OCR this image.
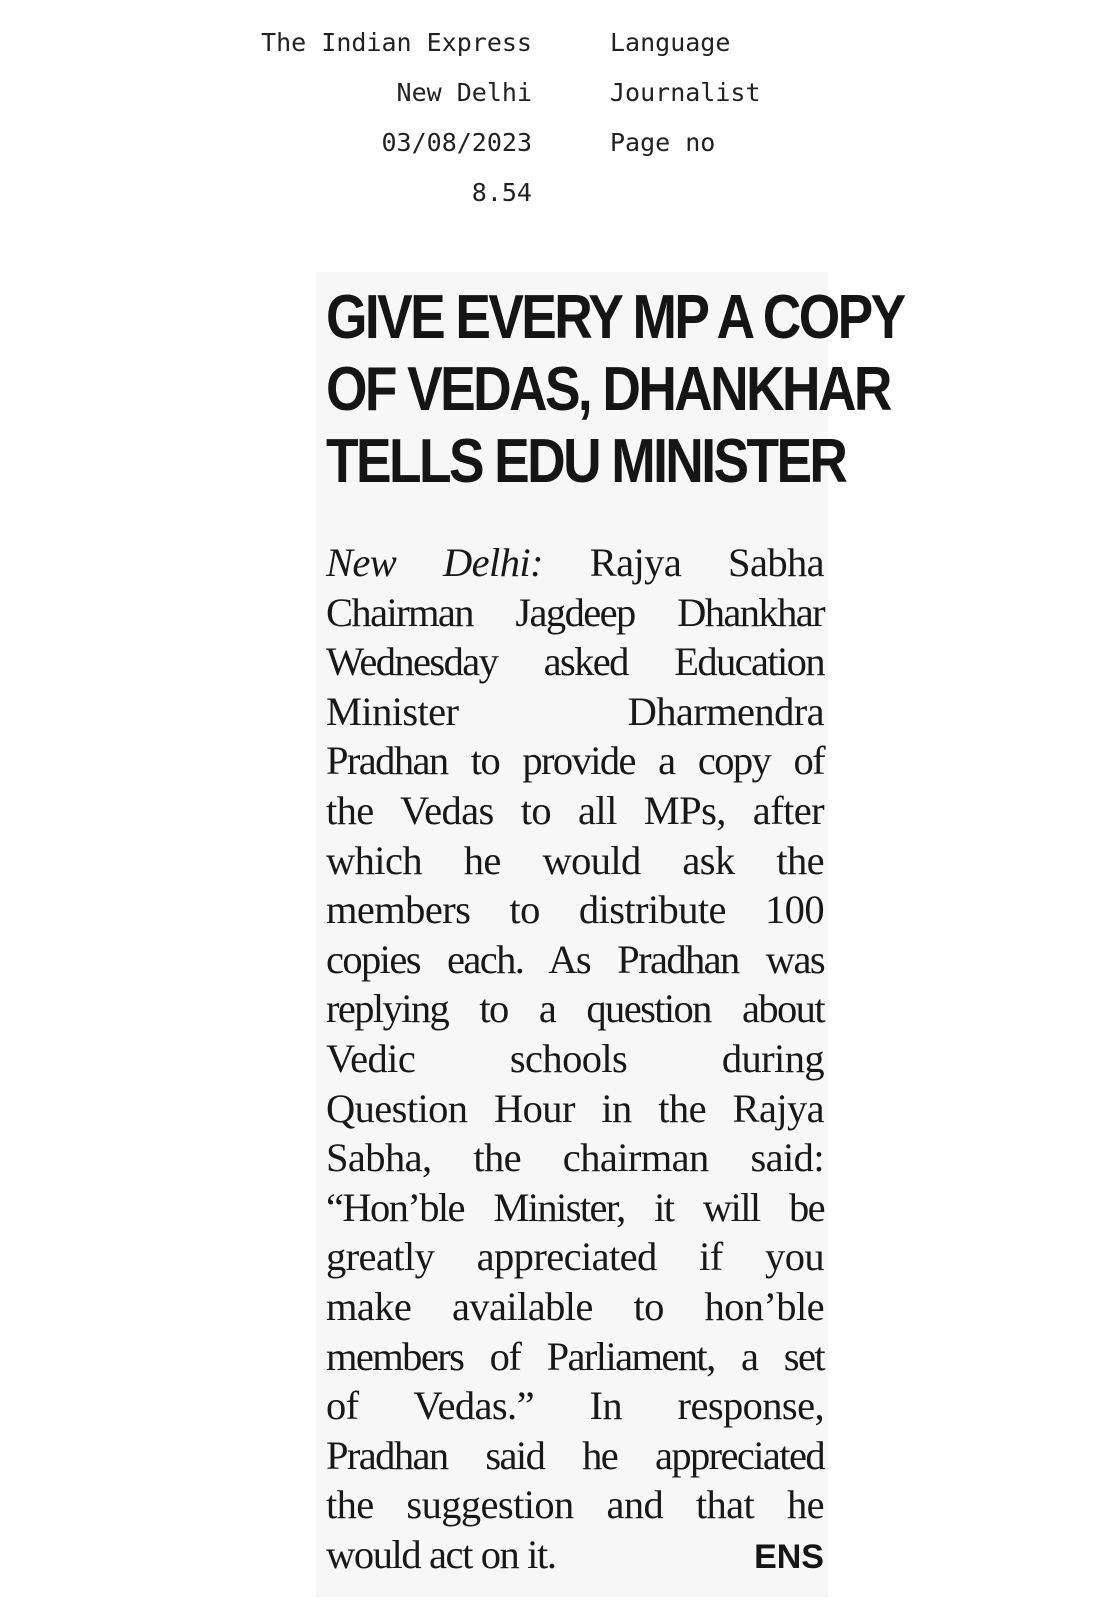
The Indian Express
New Delhi
03/08/2023
8.54
Language
Journalist
Page no
GIVE EVERY MP A COPY
OF VEDAS, DHANKHAR
TELLS EDU MINISTER
New Delhi: Rajya Sabha
Chairman Jagdeep Dhankhar
Wednesday asked Education
Minister Dharmendra
Pradhan to provide a copy of
the Vedas to all MPs, after
which he would ask the
members to distribute 100
copies each. As Pradhan was
replying to a question about
Vedic schools during
Question Hour in the Rajya
Sabha, the chairman said:
“Hon’ble Minister, it will be
greatly appreciated if you
make available to hon’ble
members of Parliament, a set
of Vedas.” In response,
Pradhan said he appreciated
the suggestion and that he
would act on it.	ENS
